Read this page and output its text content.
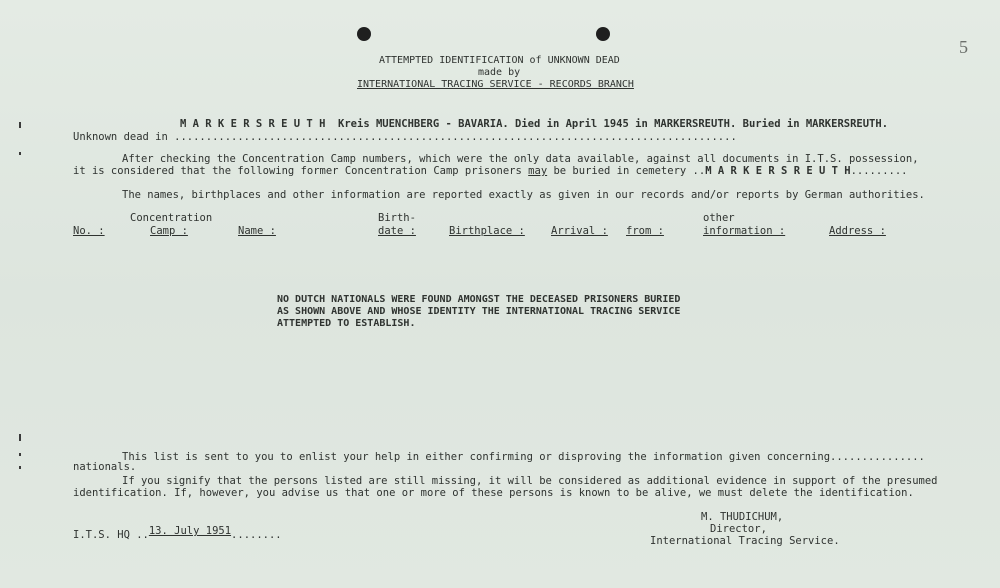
5
ATTEMPTED IDENTIFICATION of UNKNOWN DEAD
made by
INTERNATIONAL TRACING SERVICE - RECORDS BRANCH
M A R K E R S R E U T H  Kreis MUENCHBERG - BAVARIA. Died in April 1945 in MARKERSREUTH. Buried in MARKERSREUTH.
Unknown dead in .........................................................................................
After checking the Concentration Camp numbers, which were the only data available, against all documents in I.T.S. possession,
it is considered that the following former Concentration Camp prisoners may be buried in cemetery ..M A R K E R S R E U T H.........
The names, birthplaces and other information are reported exactly as given in our records and/or reports by German authorities.
Concentration	Birth-	other
No. :	Camp :	Name :	date :	Birthplace : Arrival : from :	information :	Address :
NO DUTCH NATIONALS WERE FOUND AMONGST THE DECEASED PRISONERS BURIED
AS SHOWN ABOVE AND WHOSE IDENTITY THE INTERNATIONAL TRACING SERVICE
ATTEMPTED TO ESTABLISH.
This list is sent to you to enlist your help in either confirming or disproving the information given concerning...............
nationals.
If you signify that the persons listed are still missing, it will be considered as additional evidence in support of the presumed
identification. If, however, you advise us that one or more of these persons is known to be alive, we must delete the identification.
M. THUDICHUM,
Director,
International Tracing Service.
I.T.S. HQ ..13. July 1951........
